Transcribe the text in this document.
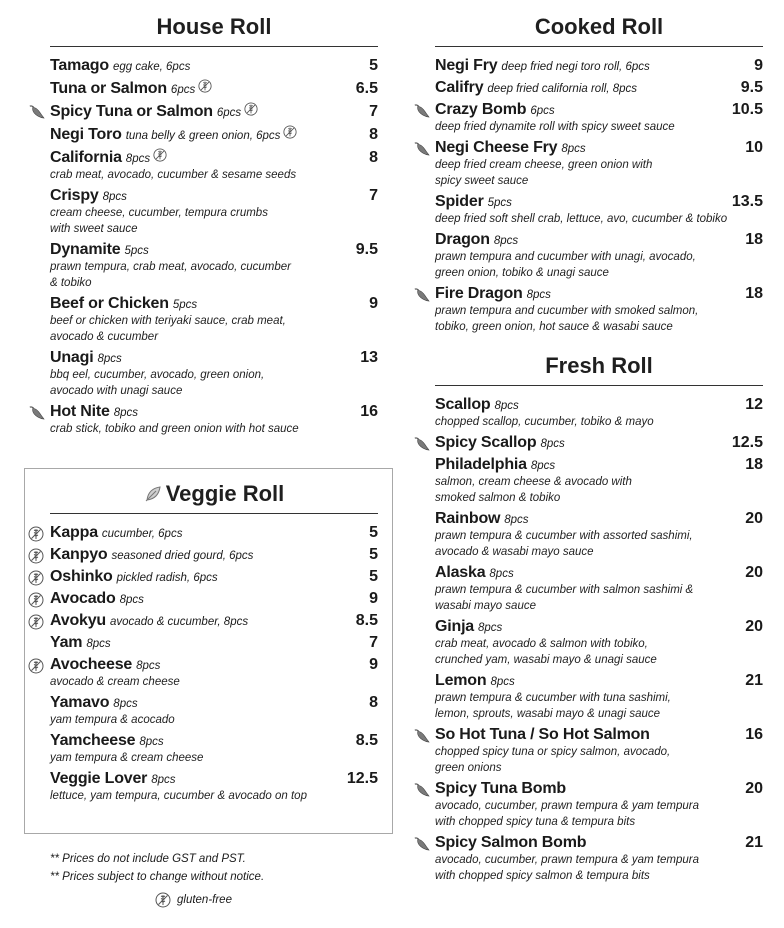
House Roll
Tamago egg cake, 6pcs	5
Tuna or Salmon 6pcs	6.5
Spicy Tuna or Salmon 6pcs	7
Negi Toro tuna belly & green onion, 6pcs	8
California 8pcs	8
crab meat, avocado, cucumber & sesame seeds
Crispy 8pcs	7
cream cheese, cucumber, tempura crumbs
with sweet sauce
Dynamite 5pcs	9.5
prawn tempura, crab meat, avocado, cucumber
& tobiko
Beef or Chicken 5pcs	9
beef or chicken with teriyaki sauce, crab meat,
avocado & cucumber
Unagi 8pcs	13
bbq eel, cucumber, avocado, green onion,
avocado with unagi sauce
Hot Nite 8pcs	16
crab stick, tobiko and green onion with hot sauce
Veggie Roll
Kappa cucumber, 6pcs	5
Kanpyo seasoned dried gourd, 6pcs	5
Oshinko pickled radish, 6pcs	5
Avocado 8pcs	9
Avokyu avocado & cucumber, 8pcs	8.5
Yam 8pcs	7
Avocheese 8pcs	9
avocado & cream cheese
Yamavo 8pcs	8
yam tempura & acocado
Yamcheese 8pcs	8.5
yam tempura & cream cheese
Veggie Lover 8pcs	12.5
lettuce, yam tempura, cucumber & avocado on top
** Prices do not include GST and PST.
** Prices subject to change without notice.
gluten-free
Cooked Roll
Negi Fry deep fried negi toro roll, 6pcs	9
Califry deep fried california roll, 8pcs	9.5
Crazy Bomb 6pcs	10.5
deep fried dynamite roll with spicy sweet sauce
Negi Cheese Fry 8pcs	10
deep fried cream cheese, green onion with
spicy sweet sauce
Spider 5pcs	13.5
deep fried soft shell crab, lettuce, avo, cucumber & tobiko
Dragon 8pcs	18
prawn tempura and cucumber with unagi, avocado,
green onion, tobiko & unagi sauce
Fire Dragon 8pcs	18
prawn tempura and cucumber with smoked salmon,
tobiko, green onion, hot sauce & wasabi sauce
Fresh Roll
Scallop 8pcs	12
chopped scallop, cucumber, tobiko & mayo
Spicy Scallop 8pcs	12.5
Philadelphia 8pcs	18
salmon, cream cheese & avocado with
smoked salmon & tobiko
Rainbow 8pcs	20
prawn tempura & cucumber with assorted sashimi,
avocado & wasabi mayo sauce
Alaska 8pcs	20
prawn tempura & cucumber with salmon sashimi &
wasabi mayo sauce
Ginja 8pcs	20
crab meat, avocado & salmon with tobiko,
crunched yam, wasabi mayo & unagi sauce
Lemon 8pcs	21
prawn tempura & cucumber with tuna sashimi,
lemon, sprouts, wasabi mayo & unagi sauce
So Hot Tuna / So Hot Salmon	16
chopped spicy tuna or spicy salmon, avocado,
green onions
Spicy Tuna Bomb	20
avocado, cucumber, prawn tempura & yam tempura
with chopped spicy tuna & tempura bits
Spicy Salmon Bomb	21
avocado, cucumber, prawn tempura & yam tempura
with chopped spicy salmon & tempura bits
